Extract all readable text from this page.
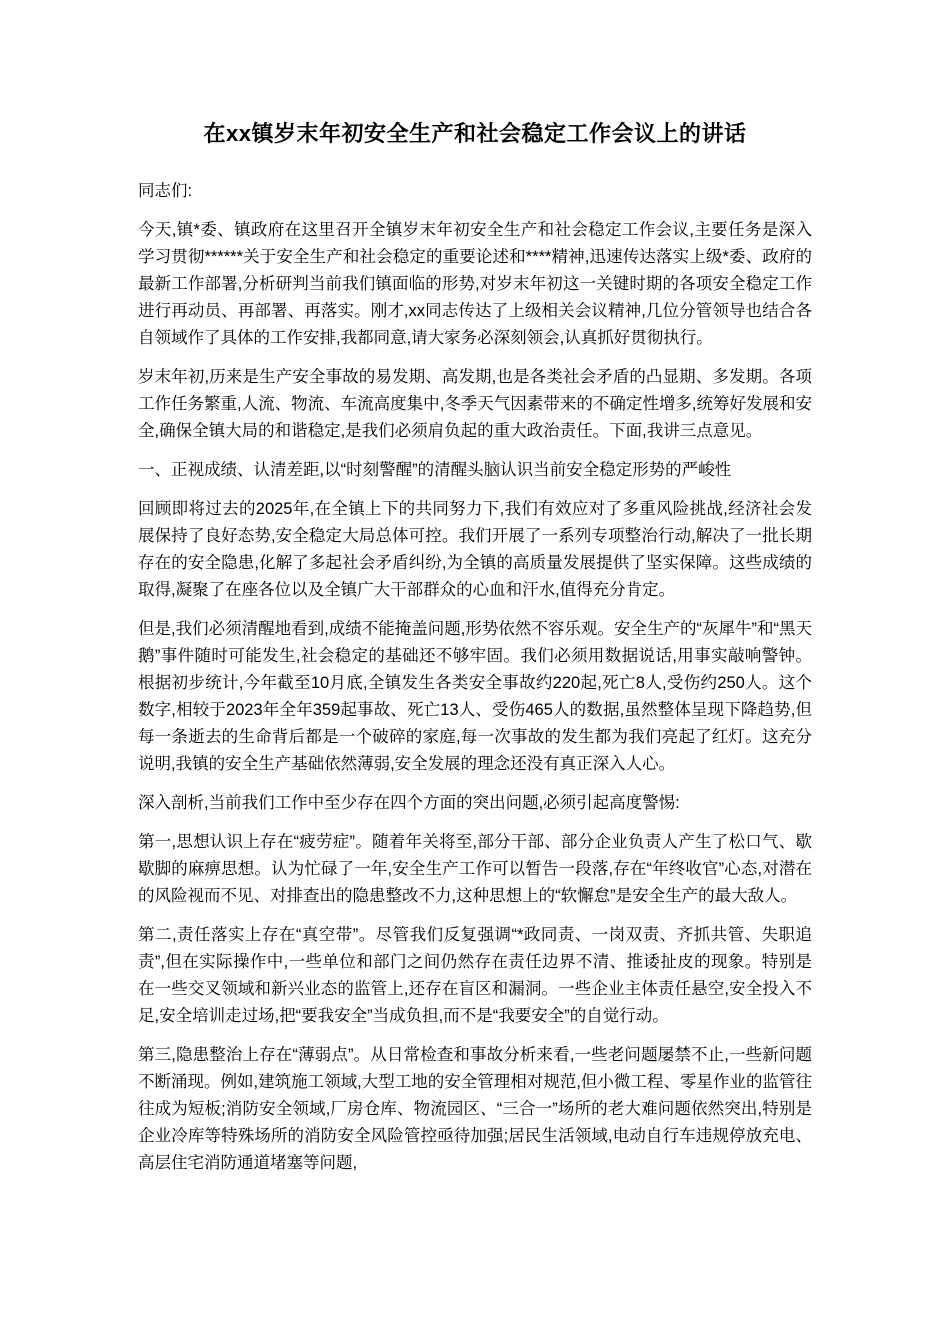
在xx镇岁末年初安全生产和社会稳定工作会议上的讲话

同志们:

今天,镇*委、镇政府在这里召开全镇岁末年初安全生产和社会稳定工作会议,主要任务是深入学习贯彻******关于安全生产和社会稳定的重要论述和****精神,迅速传达落实上级*委、政府的最新工作部署,分析研判当前我们镇面临的形势,对岁末年初这一关键时期的各项安全稳定工作进行再动员、再部署、再落实。刚才,xx同志传达了上级相关会议精神,几位分管领导也结合各自领域作了具体的工作安排,我都同意,请大家务必深刻领会,认真抓好贯彻执行。

岁末年初,历来是生产安全事故的易发期、高发期,也是各类社会矛盾的凸显期、多发期。各项工作任务繁重,人流、物流、车流高度集中,冬季天气因素带来的不确定性增多,统筹好发展和安全,确保全镇大局的和谐稳定,是我们必须肩负起的重大政治责任。下面,我讲三点意见。

一、正视成绩、认清差距,以“时刻警醒”的清醒头脑认识当前安全稳定形势的严峻性

回顾即将过去的2025年,在全镇上下的共同努力下,我们有效应对了多重风险挑战,经济社会发展保持了良好态势,安全稳定大局总体可控。我们开展了一系列专项整治行动,解决了一批长期存在的安全隐患,化解了多起社会矛盾纠纷,为全镇的高质量发展提供了坚实保障。这些成绩的取得,凝聚了在座各位以及全镇广大干部群众的心血和汗水,值得充分肯定。

但是,我们必须清醒地看到,成绩不能掩盖问题,形势依然不容乐观。安全生产的“灰犀牛”和“黑天鹅”事件随时可能发生,社会稳定的基础还不够牢固。我们必须用数据说话,用事实敲响警钟。根据初步统计,今年截至10月底,全镇发生各类安全事故约220起,死亡8人,受伤约250人。这个数字,相较于2023年全年359起事故、死亡13人、受伤465人的数据,虽然整体呈现下降趋势,但每一条逝去的生命背后都是一个破碎的家庭,每一次事故的发生都为我们亮起了红灯。这充分说明,我镇的安全生产基础依然薄弱,安全发展的理念还没有真正深入人心。

深入剖析,当前我们工作中至少存在四个方面的突出问题,必须引起高度警惕:

第一,思想认识上存在“疲劳症”。随着年关将至,部分干部、部分企业负责人产生了松口气、歇歇脚的麻痹思想。认为忙碌了一年,安全生产工作可以暂告一段落,存在“年终收官”心态,对潜在的风险视而不见、对排查出的隐患整改不力,这种思想上的“软懈怠”是安全生产的最大敌人。

第二,责任落实上存在“真空带”。尽管我们反复强调“*政同责、一岗双责、齐抓共管、失职追责”,但在实际操作中,一些单位和部门之间仍然存在责任边界不清、推诿扯皮的现象。特别是在一些交叉领域和新兴业态的监管上,还存在盲区和漏洞。一些企业主体责任悬空,安全投入不足,安全培训走过场,把“要我安全”当成负担,而不是“我要安全”的自觉行动。

第三,隐患整治上存在“薄弱点”。从日常检查和事故分析来看,一些老问题屡禁不止,一些新问题不断涌现。例如,建筑施工领域,大型工地的安全管理相对规范,但小微工程、零星作业的监管往往成为短板;消防安全领域,厂房仓库、物流园区、“三合一”场所的老大难问题依然突出,特别是企业冷库等特殊场所的消防安全风险管控亟待加强;居民生活领域,电动自行车违规停放充电、高层住宅消防通道堵塞等问题,
